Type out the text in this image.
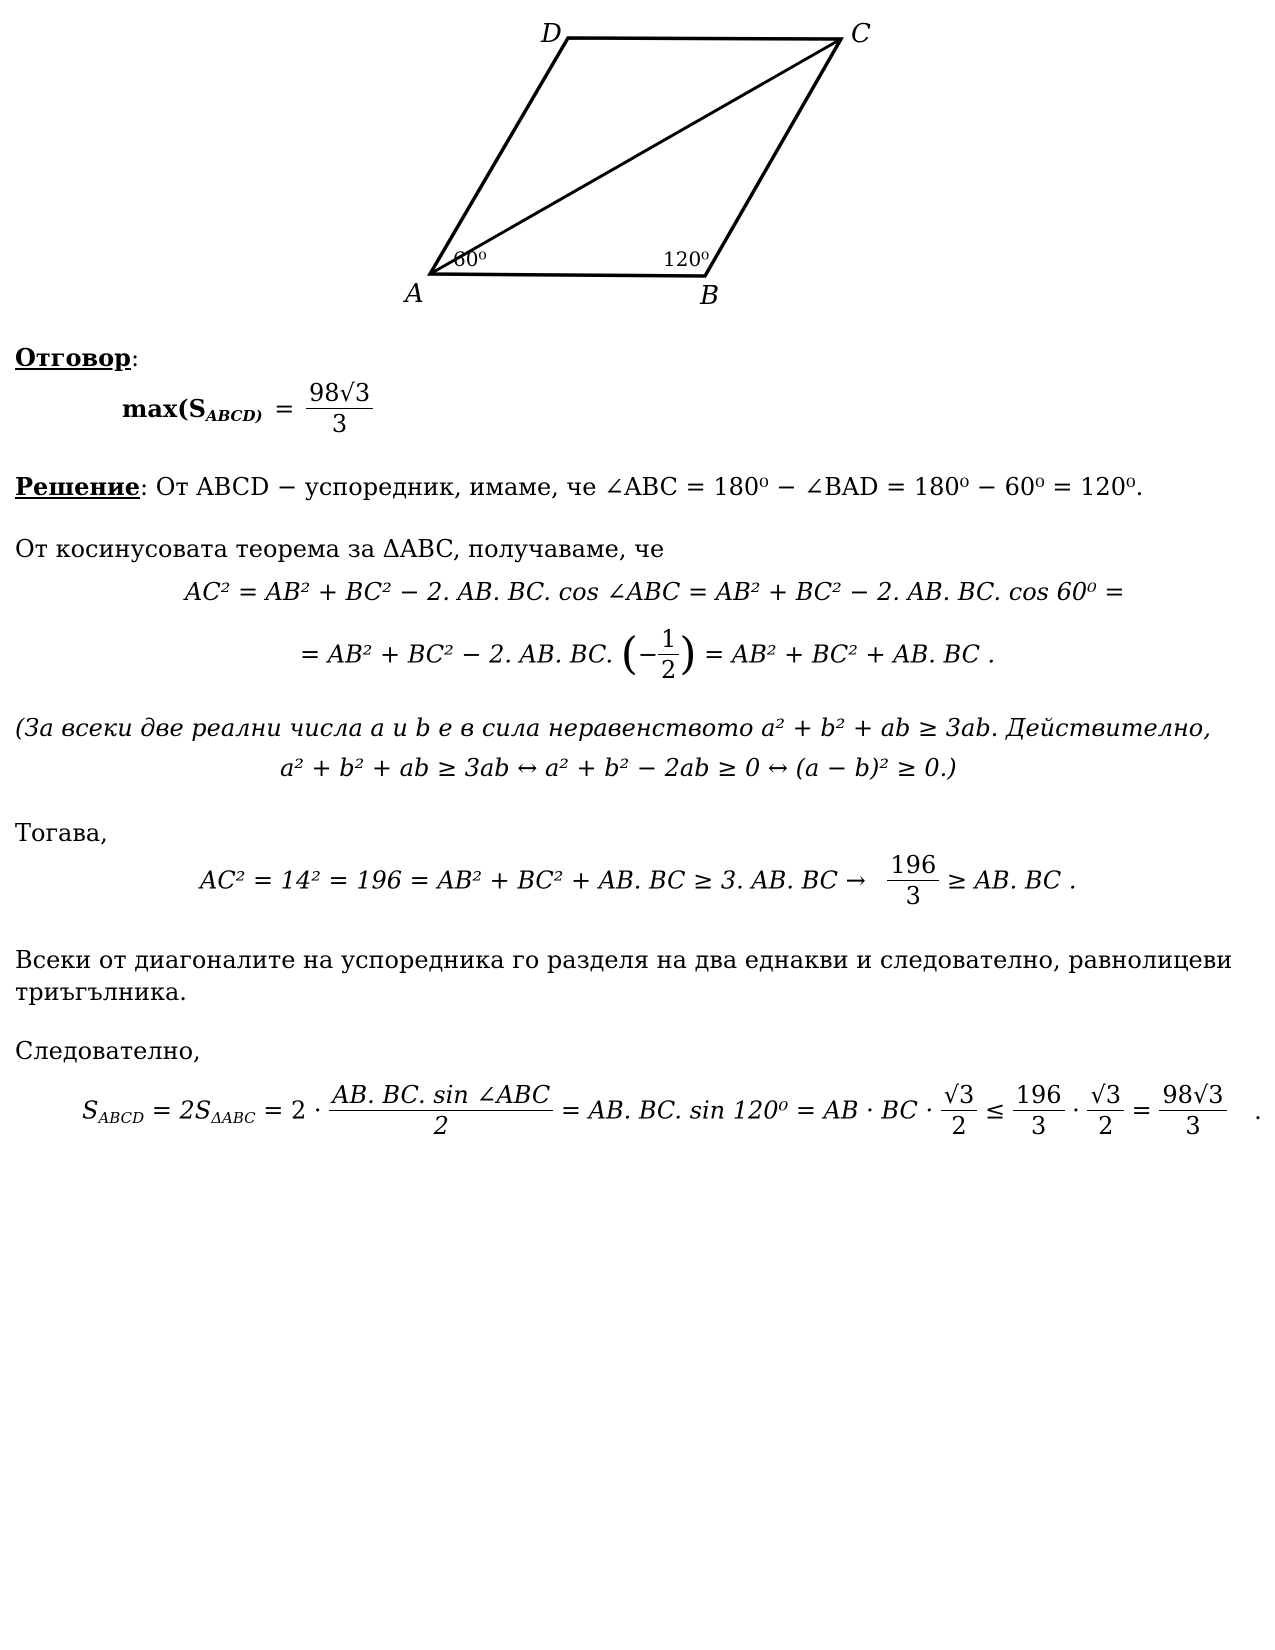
D	C
A	B
60⁰	120⁰
Отговор:
$\max(S_{ABCD)} = \frac{98√3}{3}$
Решение: От ABCD − успоредник, имаме, че ∠ABC = 180⁰ − ∠BAD = 180⁰ − 60⁰ = 120⁰.
От косинусовата теорема за ΔABC, получаваме, че
AC² = AB² + BC² − 2. AB. BC. cos ∠ABC = AB² + BC² − 2. AB. BC. cos 60⁰ =
= AB² + BC² − 2. AB. BC. (− $\frac{1}{2}$ ) = AB² + BC² + AB. BC .
(За всеки две реални числа a и b е в сила неравенството a² + b² + ab ≥ 3ab. Действително,
a² + b² + ab ≥ 3ab ↔ a² + b² − 2ab ≥ 0 ↔ (a − b)² ≥ 0.)
Тогава,
AC² = 14² = 196 = AB² + BC² + AB. BC ≥ 3. AB. BC → $\frac{196}{3}$ ≥ AB. BC .
Всеки от диагоналите на успоредника го разделя на два еднакви и следователно, равнолицеви
триъгълника.
Следователно,
$S_{ABCD} = 2S_{\Delta ABC} = 2 \cdot \frac{\text{AB. BC. sin ∠ABC}}{2}$ = AB. BC. sin 120⁰ = AB · BC · $\frac{√3}{2} \le \frac{196}{3} \cdot \frac{√3}{2} = \frac{98√3}{3}$ .
